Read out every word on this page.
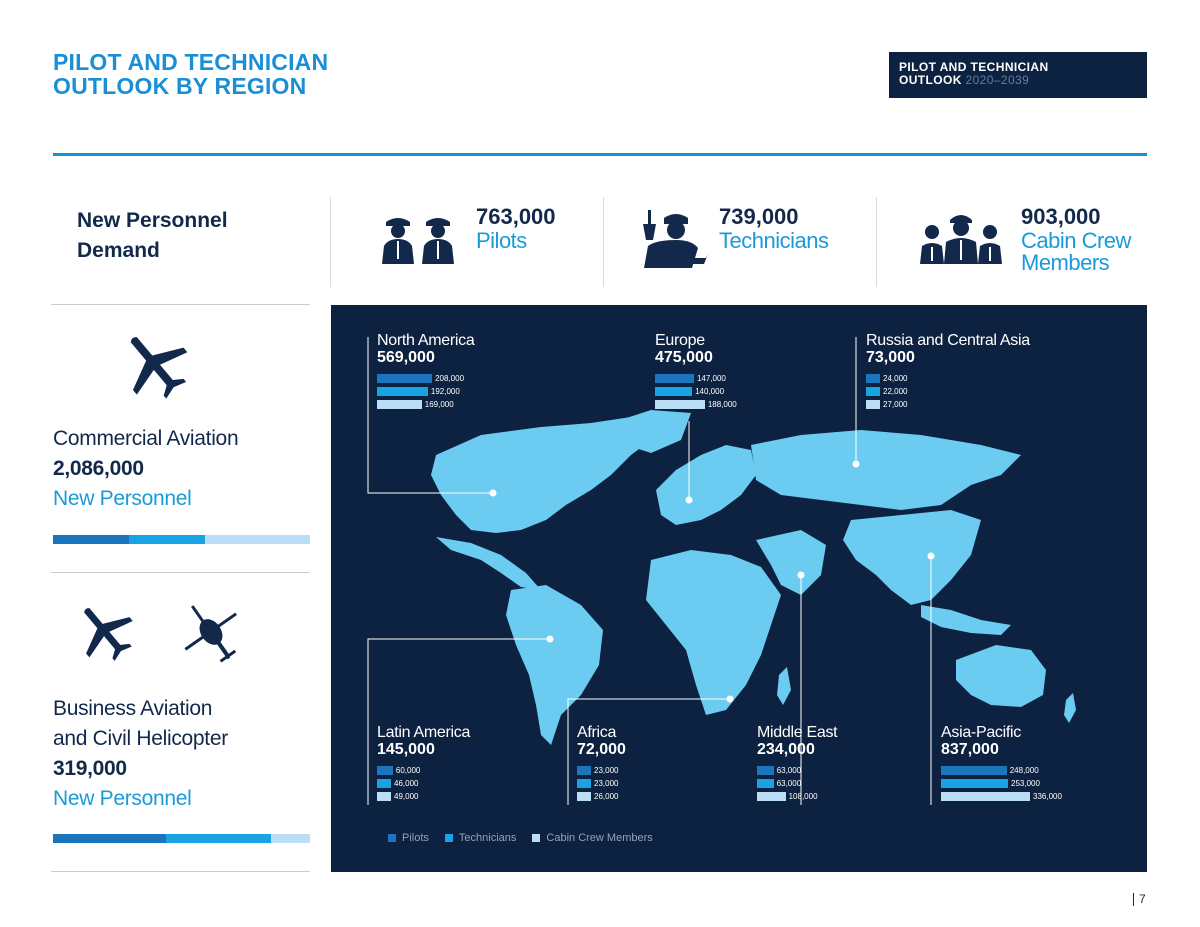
PILOT AND TECHNICIAN
OUTLOOK BY REGION
PILOT AND TECHNICIAN
OUTLOOK 2020–2039
New Personnel
Demand
763,000
Pilots
739,000
Technicians
903,000
Cabin Crew
Members
Commercial Aviation
2,086,000
New Personnel
Business Aviation
and Civil Helicopter
319,000
New Personnel
North America
569,000
208,000
192,000
169,000
Europe
475,000
147,000
140,000
188,000
Russia and Central Asia
73,000
24,000
22,000
27,000
Latin America
145,000
60,000
46,000
49,000
Africa
72,000
23,000
23,000
26,000
Middle East
234,000
63,000
63,000
108,000
Asia-Pacific
837,000
248,000
253,000
336,000
Pilots	Technicians	Cabin Crew Members
7
